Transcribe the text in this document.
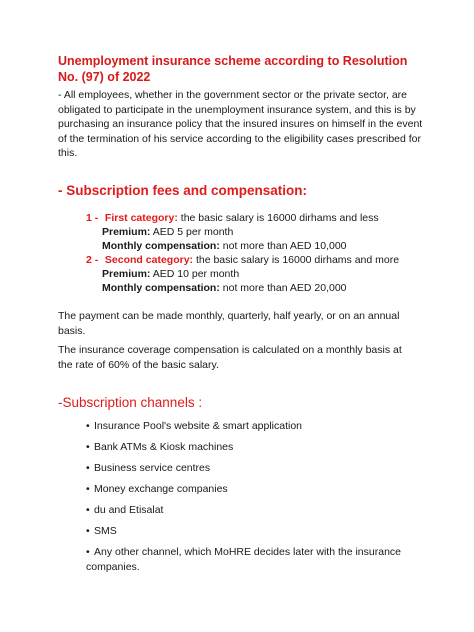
Unemployment insurance scheme according to Resolution No. (97) of 2022
- All employees, whether in the government sector or the private sector, are obligated to participate in the unemployment insurance system, and this is by purchasing an insurance policy that the insured insures on himself in the event of the termination of his service according to the eligibility cases prescribed for this.
- Subscription fees and compensation:
1 - First category: the basic salary is 16000 dirhams and less
Premium: AED 5 per month
Monthly compensation: not more than AED 10,000
2 - Second category: the basic salary is 16000 dirhams and more
Premium: AED 10 per month
Monthly compensation: not more than AED 20,000
The payment can be made monthly, quarterly, half yearly, or on an annual basis.
The insurance coverage compensation is calculated on a monthly basis at the rate of 60% of the basic salary.
-Subscription channels :
• Insurance Pool's website & smart application
• Bank ATMs & Kiosk machines
• Business service centres
• Money exchange companies
• du and Etisalat
• SMS
• Any other channel, which MoHRE decides later with the insurance companies.
